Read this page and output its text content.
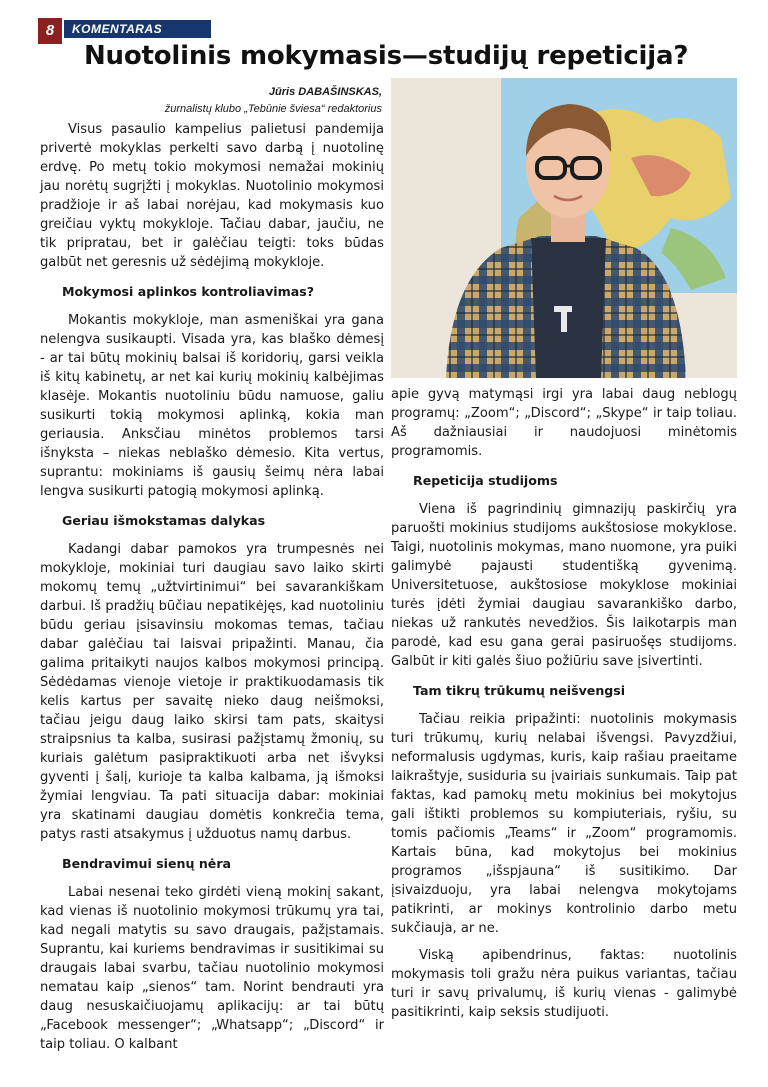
8	KOMENTARAS
Nuotolinis mokymasis—studijų repeticija?
Jūris DABAŠINSKAS,
žurnalistų klubo „Tebūnie šviesa“ redaktorius

Visus pasaulio kampelius palietusi pandemija privertė mokyklas perkelti savo darbą į nuotolinę erdvę. Po metų tokio mokymosi nemažai mokinių jau norėtų sugrįžti į mokyklas. Nuotolinio mokymosi pradžioje ir aš labai norėjau, kad mokymasis kuo greičiau vyktų mokykloje. Tačiau dabar, jaučiu, ne tik pripratau, bet ir galėčiau teigti: toks būdas galbūt net geresnis už sėdėjimą mokykloje.

Mokymosi aplinkos kontroliavimas?

Mokantis mokykloje, man asmeniškai yra gana nelengva susikaupti. Visada yra, kas blaško dėmesį - ar tai būtų mokinių balsai iš koridorių, garsi veikla iš kitų kabinetų, ar net kai kurių mokinių kalbėjimas klasėje. Mokantis nuotoliniu būdu namuose, galiu susikurti tokią mokymosi aplinką, kokia man geriausia. Anksčiau minėtos problemos tarsi išnyksta – niekas neblaško dėmesio. Kita vertus, suprantu: mokiniams iš gausių šeimų nėra labai lengva susikurti patogią mokymosi aplinką.

Geriau išmokstamas dalykas

Kadangi dabar pamokos yra trumpesnės nei mokykloje, mokiniai turi daugiau savo laiko skirti mokomų temų „užtvirtinimui“ bei savarankiškam darbui. Iš pradžių būčiau nepatikėjęs, kad nuotoliniu būdu geriau įsisavinsiu mokomas temas, tačiau dabar galėčiau tai laisvai pripažinti. Manau, čia galima pritaikyti naujos kalbos mokymosi principą. Sėdėdamas vienoje vietoje ir praktikuodamasis tik kelis kartus per savaitę nieko daug neišmoksi, tačiau jeigu daug laiko skirsi tam pats, skaitysi straipsnius ta kalba, susirasi pažįstamų žmonių, su kuriais galėtum pasipraktikuoti arba net išvyksi gyventi į šalį, kurioje ta kalba kalbama, ją išmoksi žymiai lengviau. Ta pati situacija dabar: mokiniai yra skatinami daugiau domėtis konkrečia tema, patys rasti atsakymus į užduotus namų darbus.

Bendravimui sienų nėra

Labai nesenai teko girdėti vieną mokinį sakant, kad vienas iš nuotolinio mokymosi trūkumų yra tai, kad negali matytis su savo draugais, pažįstamais. Suprantu, kai kuriems bendravimas ir susitikimai su draugais labai svarbu, tačiau nuotolinio mokymosi nematau kaip „sienos“ tam. Norint bendrauti yra daug nesuskaičiuojamų aplikacijų: ar tai būtų „Facebook messenger“; „Whatsapp“; „Discord“ ir taip toliau. O kalbant

apie gyvą matymąsi irgi yra labai daug neblogų programų: „Zoom“; „Discord“; „Skype“ ir taip toliau. Aš dažniausiai ir naudojuosi minėtomis programomis.

Repeticija studijoms

Viena iš pagrindinių gimnazijų paskirčių yra paruošti mokinius studijoms aukštosiose mokyklose. Taigi, nuotolinis mokymas, mano nuomone, yra puiki galimybė pajausti studentišką gyvenimą. Universitetuose, aukštosiose mokyklose mokiniai turės įdėti žymiai daugiau savarankiško darbo, niekas už rankutės nevedžios. Šis laikotarpis man parodė, kad esu gana gerai pasiruošęs studijoms. Galbūt ir kiti galės šiuo požiūriu save įsivertinti.

Tam tikrų trūkumų neišvengsi

Tačiau reikia pripažinti: nuotolinis mokymasis turi trūkumų, kurių nelabai išvengsi. Pavyzdžiui, neformalusis ugdymas, kuris, kaip rašiau praeitame laikraštyje, susiduria su įvairiais sunkumais. Taip pat faktas, kad pamokų metu mokinius bei mokytojus gali ištikti problemos su kompiuteriais, ryšiu, su tomis pačiomis „Teams“ ir „Zoom“ programomis. Kartais būna, kad mokytojus bei mokinius programos „išspjauna“ iš susitikimo. Dar įsivaizduoju, yra labai nelengva mokytojams patikrinti, ar mokinys kontrolinio darbo metu sukčiauja, ar ne.

Viską apibendrinus, faktas: nuotolinis mokymasis toli gražu nėra puikus variantas, tačiau turi ir savų privalumų, iš kurių vienas - galimybė pasitikrinti, kaip seksis studijuoti.
